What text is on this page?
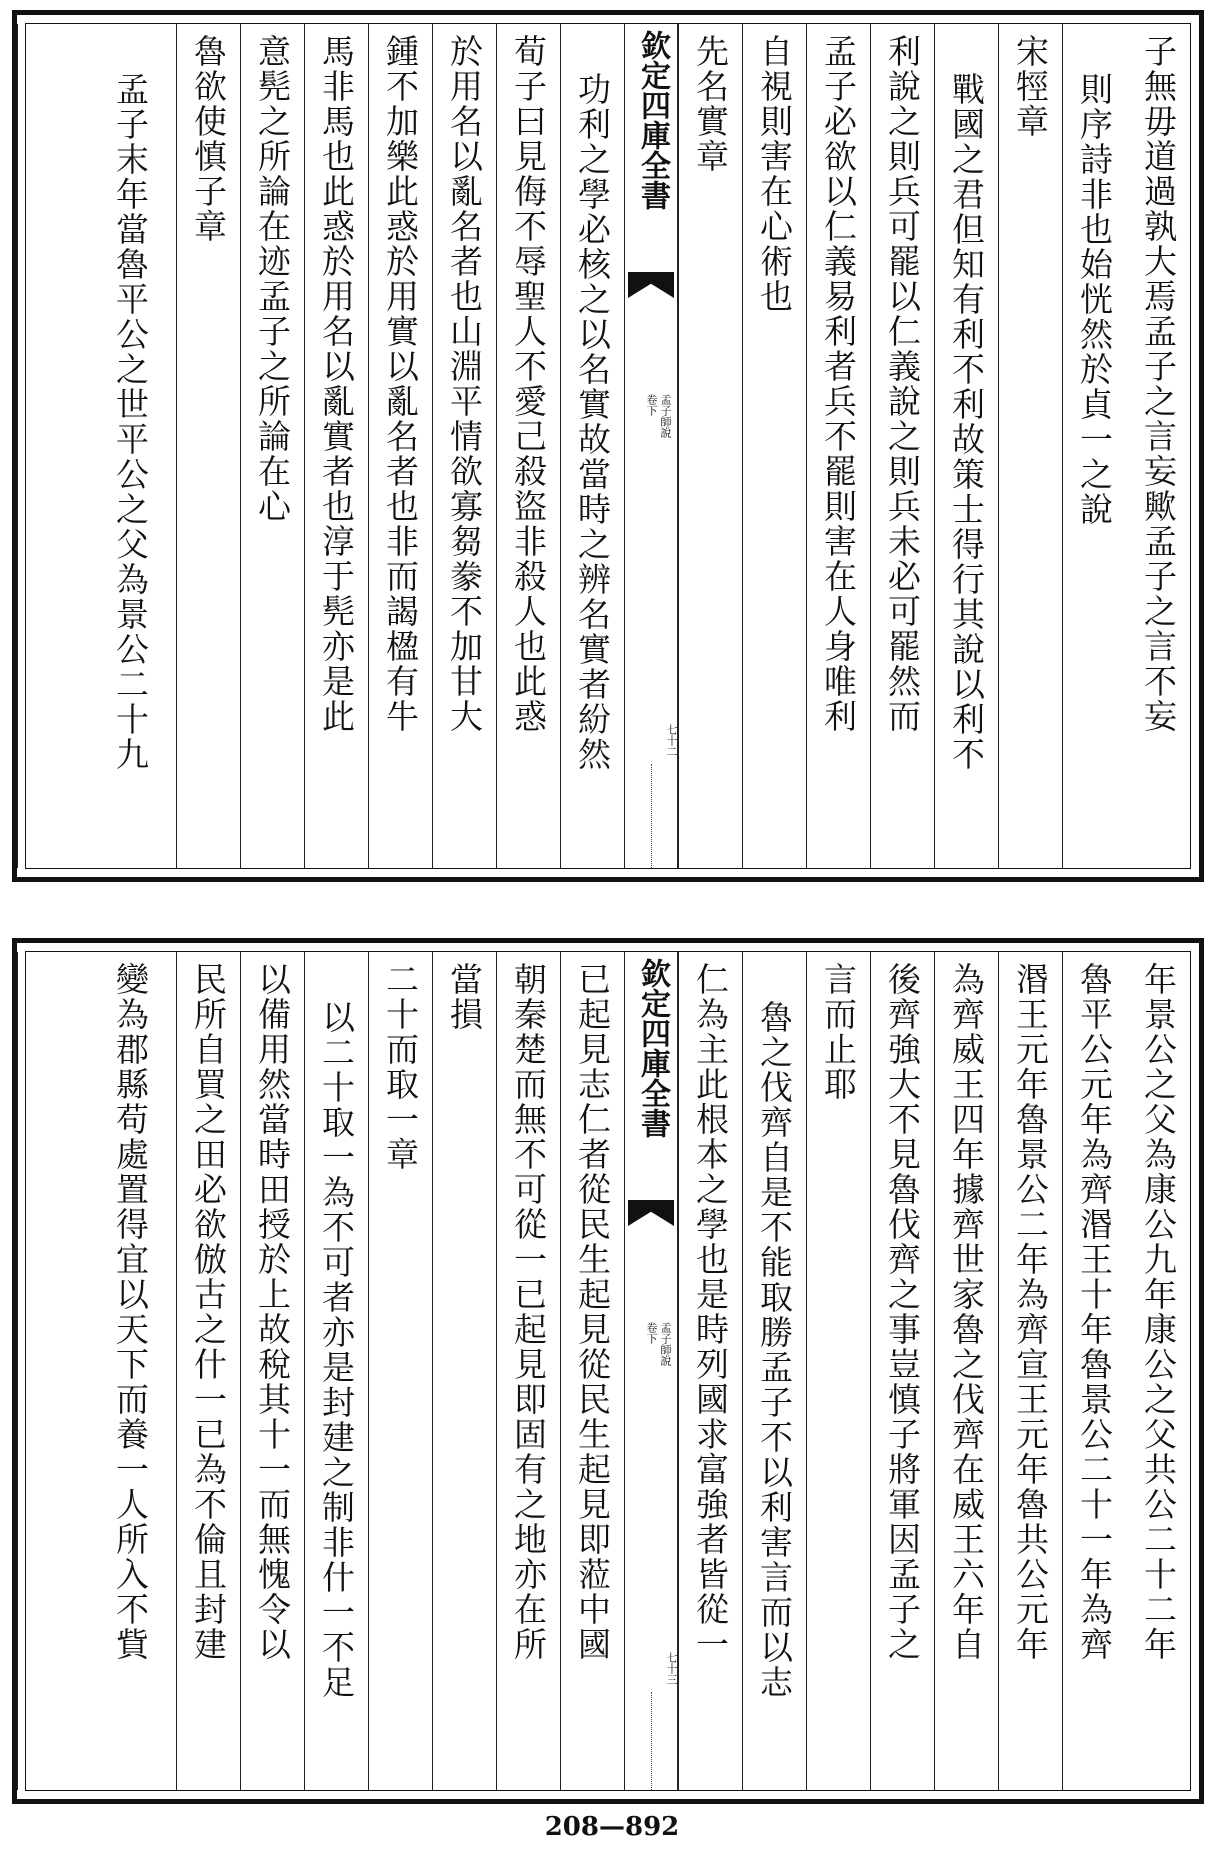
子無毋道過孰大焉孟子之言妄歟孟子之言不妄
則序詩非也始恍然於貞一之說
宋牼章
戰國之君但知有利不利故策士得行其說以利不
利說之則兵可罷以仁義說之則兵未必可罷然而
孟子必欲以仁義易利者兵不罷則害在人身唯利
自視則害在心術也
先名實章
欽定四庫全書
孟子師說
卷下
七十二
功利之學必核之以名實故當時之辨名實者紛然
荀子曰見侮不辱聖人不愛己殺盜非殺人也此惑
於用名以亂名者也山淵平情欲寡芻豢不加甘大
鍾不加樂此惑於用實以亂名者也非而謁楹有牛
馬非馬也此惑於用名以亂實者也淳于髡亦是此
意髡之所論在迹孟子之所論在心
魯欲使慎子章
孟子末年當魯平公之世平公之父為景公二十九
年景公之父為康公九年康公之父共公二十二年
魯平公元年為齊湣王十年魯景公二十一年為齊
湣王元年魯景公二年為齊宣王元年魯共公元年
為齊威王四年據齊世家魯之伐齊在威王六年自
後齊強大不見魯伐齊之事豈慎子將軍因孟子之
言而止耶
魯之伐齊自是不能取勝孟子不以利害言而以志
仁為主此根本之學也是時列國求富強者皆從一
欽定四庫全書
孟子師說
卷下
七十三
已起見志仁者從民生起見從民生起見即蒞中國
朝秦楚而無不可從一已起見即固有之地亦在所
當損
二十而取一章
以二十取一為不可者亦是封建之制非什一不足
以備用然當時田授於上故稅其十一而無愧令以
民所自買之田必欲倣古之什一已為不倫且封建
變為郡縣苟處置得宜以天下而養一人所入不貲
208—892
